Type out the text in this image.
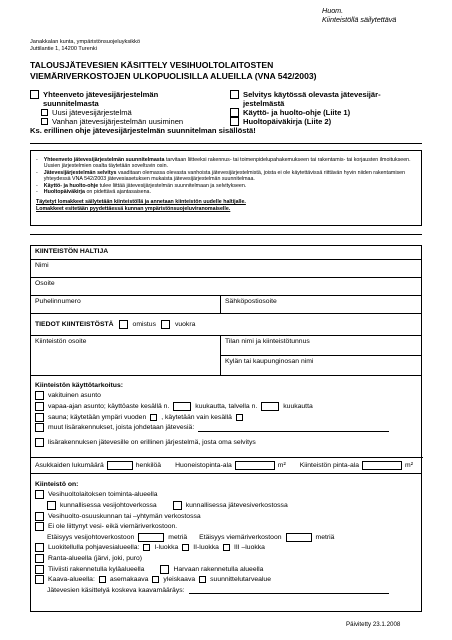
Huom.
Kiinteistöllä säilytettävä
Janakkalan kunta, ympäristönsuojeluyksikkö
Juttilantie 1, 14200 Turenki
TALOUSJÄTEVESIEN KÄSITTELY VESIHUOLTOLAITOSTEN
VIEMÄRIVERKOSTOJEN ULKOPUOLISILLA ALUEILLA (VNA 542/2003)
Yhteenveto jätevesijärjestelmän
suunnitelmasta
Uusi jätevesijärjestelmä
Vanhan jätevesijärjestelmän uusiminen
Selvitys käytössä olevasta jätevesijär-
jestelmästä
Käyttö- ja huolto-ohje (Liite 1)
Huoltopäiväkirja (Liite 2)
Ks. erillinen ohje jätevesijärjestelmän suunnitelman sisällöstä!
- Yhteenveto jätevesijärjestelmän suunnitelmasta tarvitaan liitteeksi rakennus- tai toimenpidelupahakemukseen tai rakentamis- tai korjausten ilmoitukseen. Uusien järjestelmien osalta täytetään soveltuvin osin.
- Jätevesijärjestelmän selvitys vaaditaan olemassa olevasta vanhoista jätevesijärjestelmistä, joista ei ole käytettävissä riittävän hyvin niiden rakentamisen yhteydessä VNA 542/2003 jätevesiasetuksen mukaista jätevesijärjestelmän suunnitelmaa.
- Käyttö- ja huolto-ohje tulee liittää jätevesijärjestelmän suunnitelmaan ja selvitykseen.
- Huoltopäiväkirja on pidettävä ajantasaisena.
Täytetyt lomakkeet säilytetään kiinteistöllä ja annetaan kiinteistön uudelle haltijalle.
Lomakkeet esitetään pyydettäessä kunnan ympäristönsuojeluviranomaiselle.
KIINTEISTÖN HALTIJA
Nimi
Osoite
Puhelinnumero	Sähköpostiosoite
TIEDOT KIINTEISTÖSTÄ	omistus	vuokra
Kiinteistön osoite	Tilan nimi ja kiinteistötunnus
Kylän tai kaupunginosan nimi
Kiinteistön käyttötarkoitus:
vakituinen asunto
vapaa-ajan asunto; käyttöaste kesällä n.	kuukautta, talvella n.	kuukautta
sauna; käytetään ympäri vuoden , käytetään vain kesällä
muut lisärakennukset, joista johdetaan jätevesiä:
lisärakennuksen jätevesille on erillinen järjestelmä, josta oma selvitys
Asukkaiden lukumäärä	henkilöä Huoneistopinta-ala	m² Kiinteistön pinta-ala	m²
Kiinteistö on:
Vesihuoltolaitoksen toiminta-alueella
kunnallisessa vesijohtoverkossa	kunnallisessa jätevesiverkostossa
Vesihuolto-osuuskunnan tai –yhtymän verkostossa
Ei ole liittynyt vesi- eikä viemäriverkostoon.
Etäisyys vesijohtoverkostoon	metriä Etäisyys viemäriverkostoon	metriä
Luokitellulla pohjavesialueella: I-luokka II-luokka III –luokka
Ranta-alueella (järvi, joki, puro)
Tiiviisti rakennetulla kyläalueella	Harvaan rakennetulla alueella
Kaava-alueella: asemakaava yleiskaava suunnittelutarvealue
Jätevesien käsittelyä koskeva kaavamääräys:
Päivitetty 23.1.2008
